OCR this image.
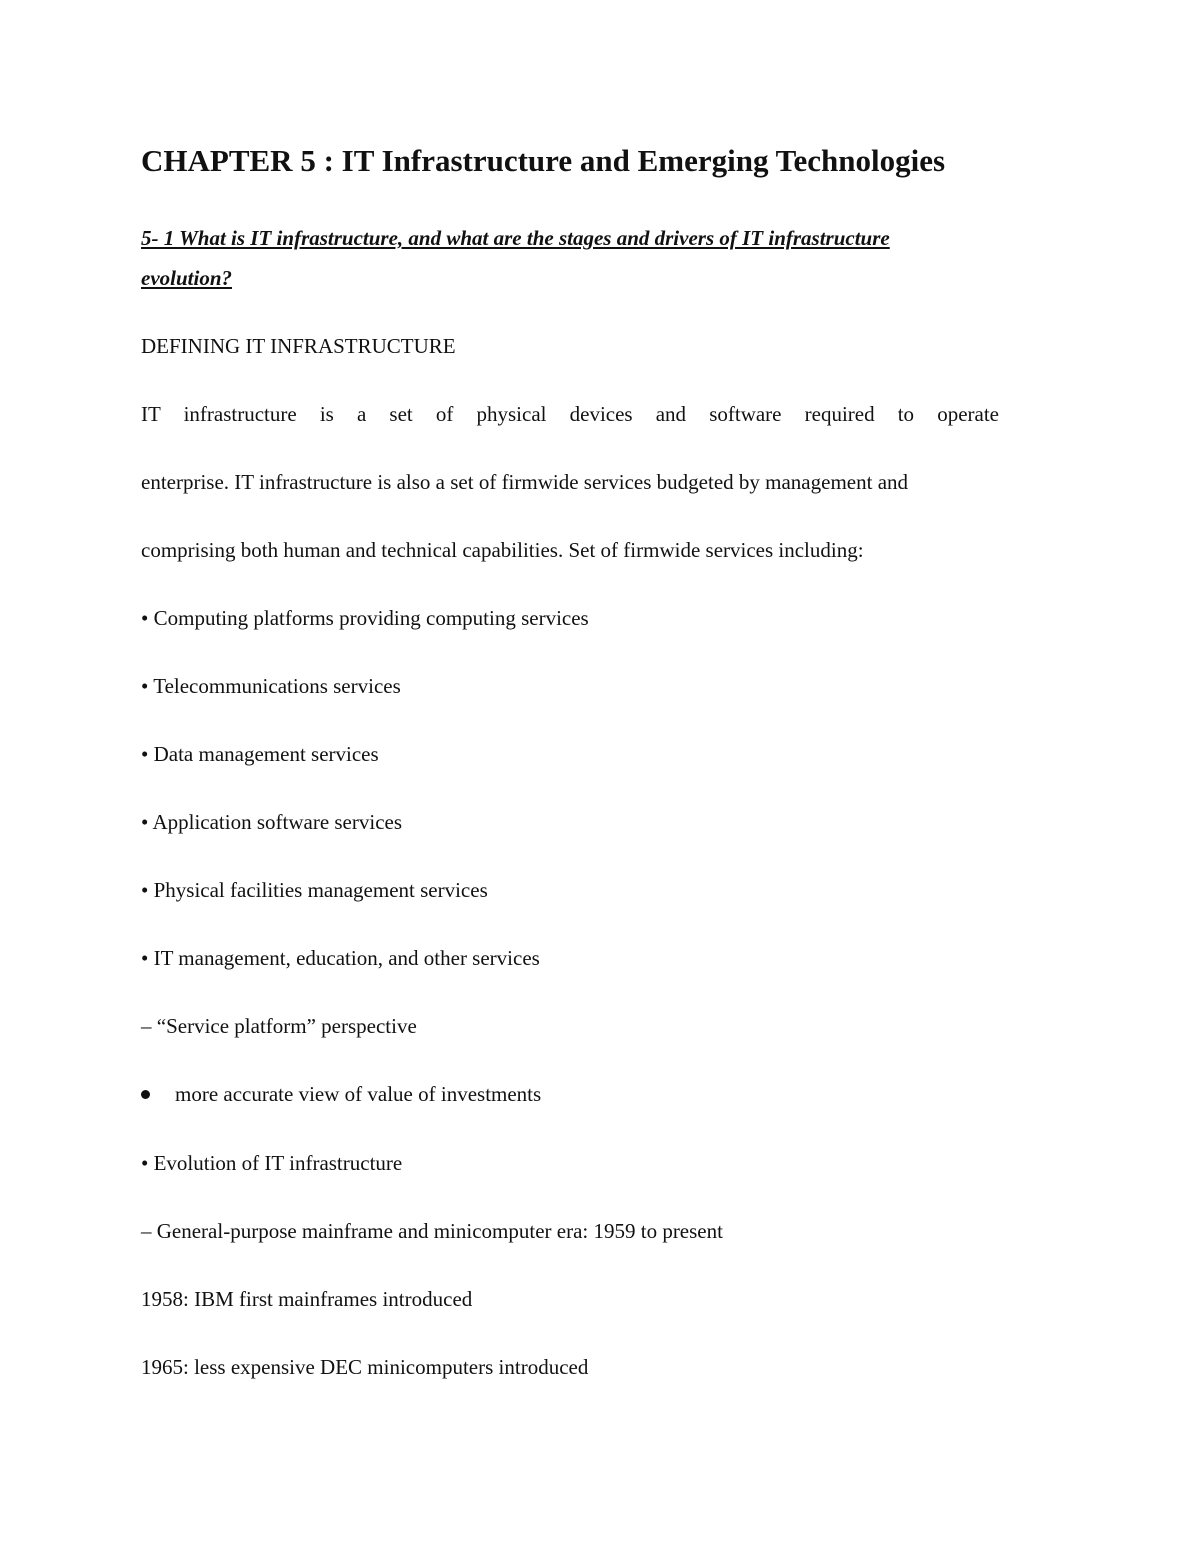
CHAPTER 5 : IT Infrastructure and Emerging Technologies

5- 1 What is IT infrastructure, and what are the stages and drivers of IT infrastructure

evolution?

DEFINING IT INFRASTRUCTURE

IT infrastructure is a set of physical devices and software required to operate

enterprise. IT infrastructure is also a set of firmwide services budgeted by management and

comprising both human and technical capabilities. Set of firmwide services including:

• Computing platforms providing computing services

• Telecommunications services

• Data management services

• Application software services

• Physical facilities management services

• IT management, education, and other services

– “Service platform” perspective

more accurate view of value of investments

• Evolution of IT infrastructure

– General-purpose mainframe and minicomputer era: 1959 to present

1958: IBM first mainframes introduced

1965: less expensive DEC minicomputers introduced
